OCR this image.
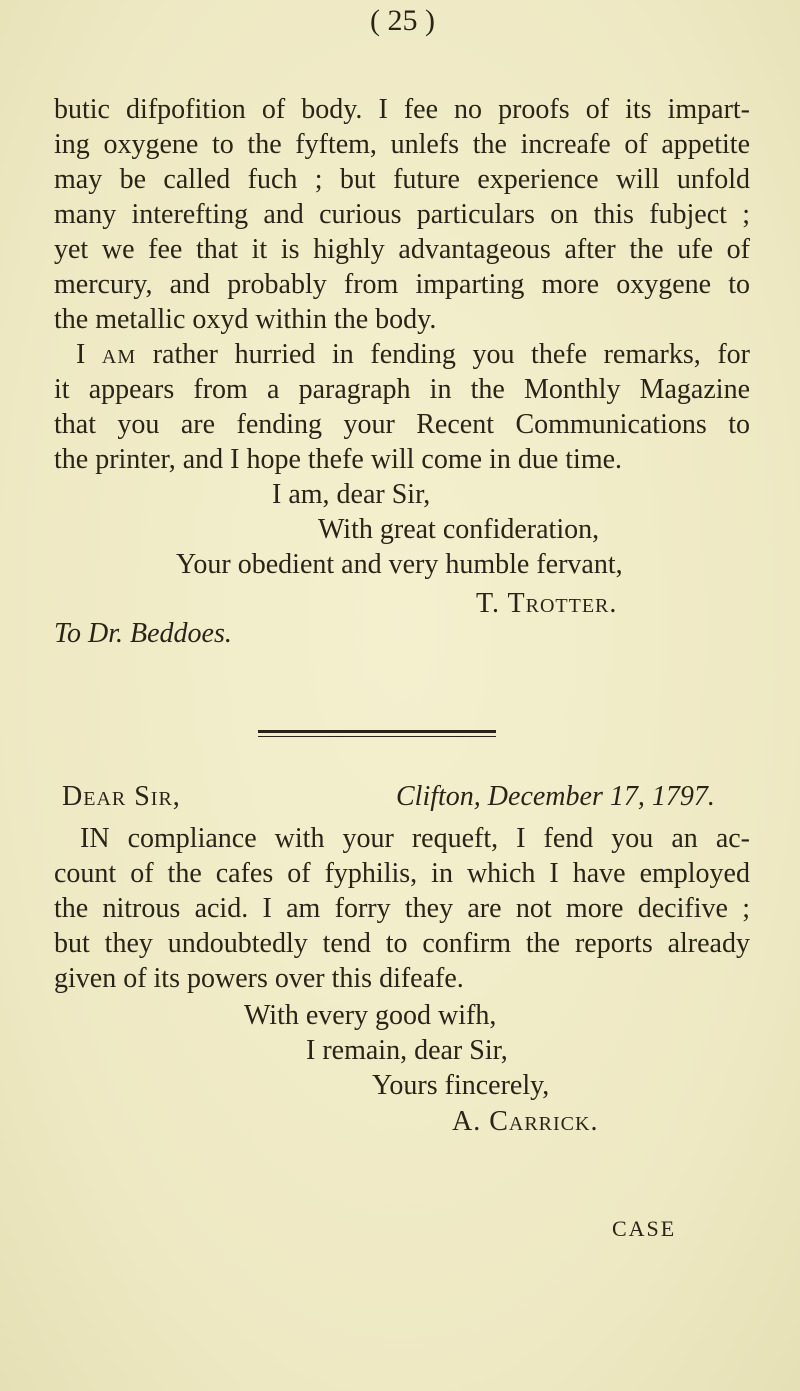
( 25 )
butic difpofition of body. I fee no proofs of its impart-
ing oxygene to the fyftem, unlefs the increafe of appetite
may be called fuch ; but future experience will unfold
many interefting and curious particulars on this fubject ;
yet we fee that it is highly advantageous after the ufe of
mercury, and probably from imparting more oxygene to
the metallic oxyd within the body.
I am rather hurried in fending you thefe remarks, for
it appears from a paragraph in the Monthly Magazine
that you are fending your Recent Communications to
the printer, and I hope thefe will come in due time.
I am, dear Sir,
With great confideration,
Your obedient and very humble fervant,
T. Trotter.
To Dr. Beddoes.
Dear Sir,	Clifton, December 17, 1797.
IN compliance with your requeft, I fend you an ac-
count of the cafes of fyphilis, in which I have employed
the nitrous acid. I am forry they are not more decifive ;
but they undoubtedly tend to confirm the reports already
given of its powers over this difeafe.
With every good wifh,
I remain, dear Sir,
Yours fincerely,
A. Carrick.
CASE
